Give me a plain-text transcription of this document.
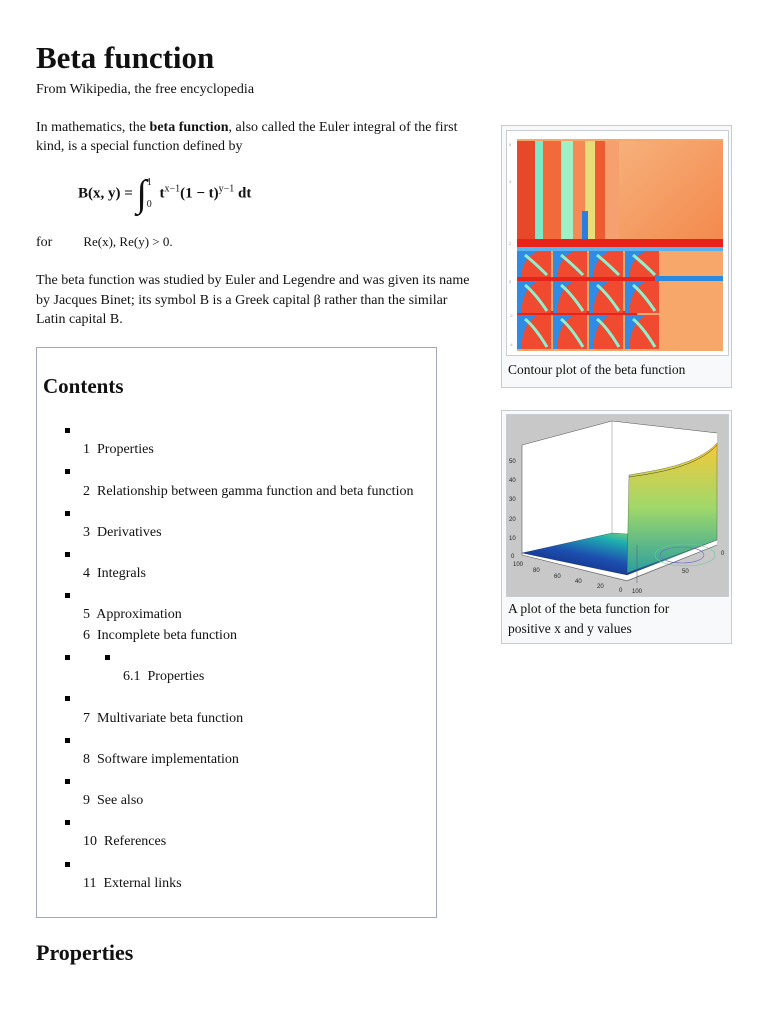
Beta function
From Wikipedia, the free encyclopedia

In mathematics, the beta function, also called the Euler integral of the first kind, is a special function defined by

B(x, y) = ∫ 1
0
$t^{x-1}(1 - t)^{y-1}$ dt
for Re(x), Re(y) > 0.

The beta function was studied by Euler and Legendre and was given its name by Jacques Binet; its symbol Β is a Greek capital β rather than the similar Latin capital B.

Contents
1 Properties
2 Relationship between gamma function and beta function
3 Derivatives
4 Integrals
5 Approximation
6 Incomplete beta function
6.1 Properties
7 Multivariate beta function
8 Software implementation
9 See also
10 References
11 External links
5
4
2
0
-2
-4
Contour plot of the beta function
50
40
30
20
10
0
100
80
60
40
20
0
0
50
100
A plot of the beta function for
positive x and y values
Properties
